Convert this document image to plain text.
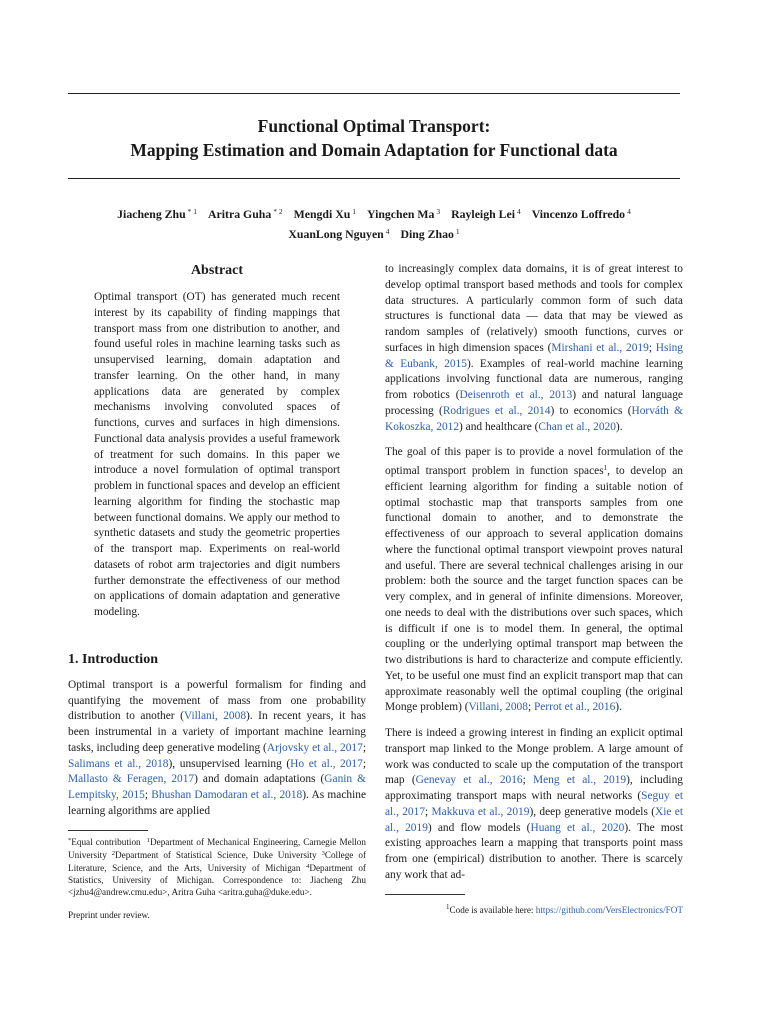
Functional Optimal Transport:
Mapping Estimation and Domain Adaptation for Functional data
Jiacheng Zhu $^{* 1}$ Aritra Guha $^{* 2}$ Mengdi Xu $^1$ Yingchen Ma $^3$ Rayleigh Lei $^4$ Vincenzo Loffredo $^4$
XuanLong Nguyen $^4$ Ding Zhao $^1$
Abstract
Optimal transport (OT) has generated much recent interest by its capability of finding mappings that transport mass from one distribution to another, and found useful roles in machine learning tasks such as unsupervised learning, domain adaptation and transfer learning. On the other hand, in many applications data are generated by complex mechanisms involving convoluted spaces of functions, curves and surfaces in high dimensions. Functional data analysis provides a useful framework of treatment for such domains. In this paper we introduce a novel formulation of optimal transport problem in functional spaces and develop an efficient learning algorithm for finding the stochastic map between functional domains. We apply our method to synthetic datasets and study the geometric properties of the transport map. Experiments on real-world datasets of robot arm trajectories and digit numbers further demonstrate the effectiveness of our method on applications of domain adaptation and generative modeling.
1. Introduction

Optimal transport is a powerful formalism for finding and quantifying the movement of mass from one probability distribution to another (Villani, 2008). In recent years, it has been instrumental in a variety of important machine learning tasks, including deep generative modeling (Arjovsky et al., 2017; Salimans et al., 2018), unsupervised learning (Ho et al., 2017; Mallasto & Feragen, 2017) and domain adaptations (Ganin & Lempitsky, 2015; Bhushan Damodaran et al., 2018). As machine learning algorithms are applied

*Equal contribution  $^1$Department of Mechanical Engineering, Carnegie Mellon University $^2$Department of Statistical Science, Duke University $^3$College of Literature, Science, and the Arts, University of Michigan $^4$Department of Statistics, University of Michigan. Correspondence to: Jiacheng Zhu <jzhu4@andrew.cmu.edu>, Aritra Guha <aritra.guha@duke.edu>.
Preprint under review.

to increasingly complex data domains, it is of great interest to develop optimal transport based methods and tools for complex data structures. A particularly common form of such data structures is functional data — data that may be viewed as random samples of (relatively) smooth functions, curves or surfaces in high dimension spaces (Mirshani et al., 2019; Hsing & Eubank, 2015). Examples of real-world machine learning applications involving functional data are numerous, ranging from robotics (Deisenroth et al., 2013) and natural language processing (Rodrigues et al., 2014) to economics (Horváth & Kokoszka, 2012) and healthcare (Chan et al., 2020).

The goal of this paper is to provide a novel formulation of the optimal transport problem in function spaces$^1$, to develop an efficient learning algorithm for finding a suitable notion of optimal stochastic map that transports samples from one functional domain to another, and to demonstrate the effectiveness of our approach to several application domains where the functional optimal transport viewpoint proves natural and useful. There are several technical challenges arising in our problem: both the source and the target function spaces can be very complex, and in general of infinite dimensions. Moreover, one needs to deal with the distributions over such spaces, which is difficult if one is to model them. In general, the optimal coupling or the underlying optimal transport map between the two distributions is hard to characterize and compute efficiently. Yet, to be useful one must find an explicit transport map that can approximate reasonably well the optimal coupling (the original Monge problem) (Villani, 2008; Perrot et al., 2016).

There is indeed a growing interest in finding an explicit optimal transport map linked to the Monge problem. A large amount of work was conducted to scale up the computation of the transport map (Genevay et al., 2016; Meng et al., 2019), including approximating transport maps with neural networks (Seguy et al., 2017; Makkuva et al., 2019), deep generative models (Xie et al., 2019) and flow models (Huang et al., 2020). The most existing approaches learn a mapping that transports point mass from one (empirical) distribution to another. There is scarcely any work that ad-

$^1$Code is available here: https://github.com/VersElectronics/FOT
